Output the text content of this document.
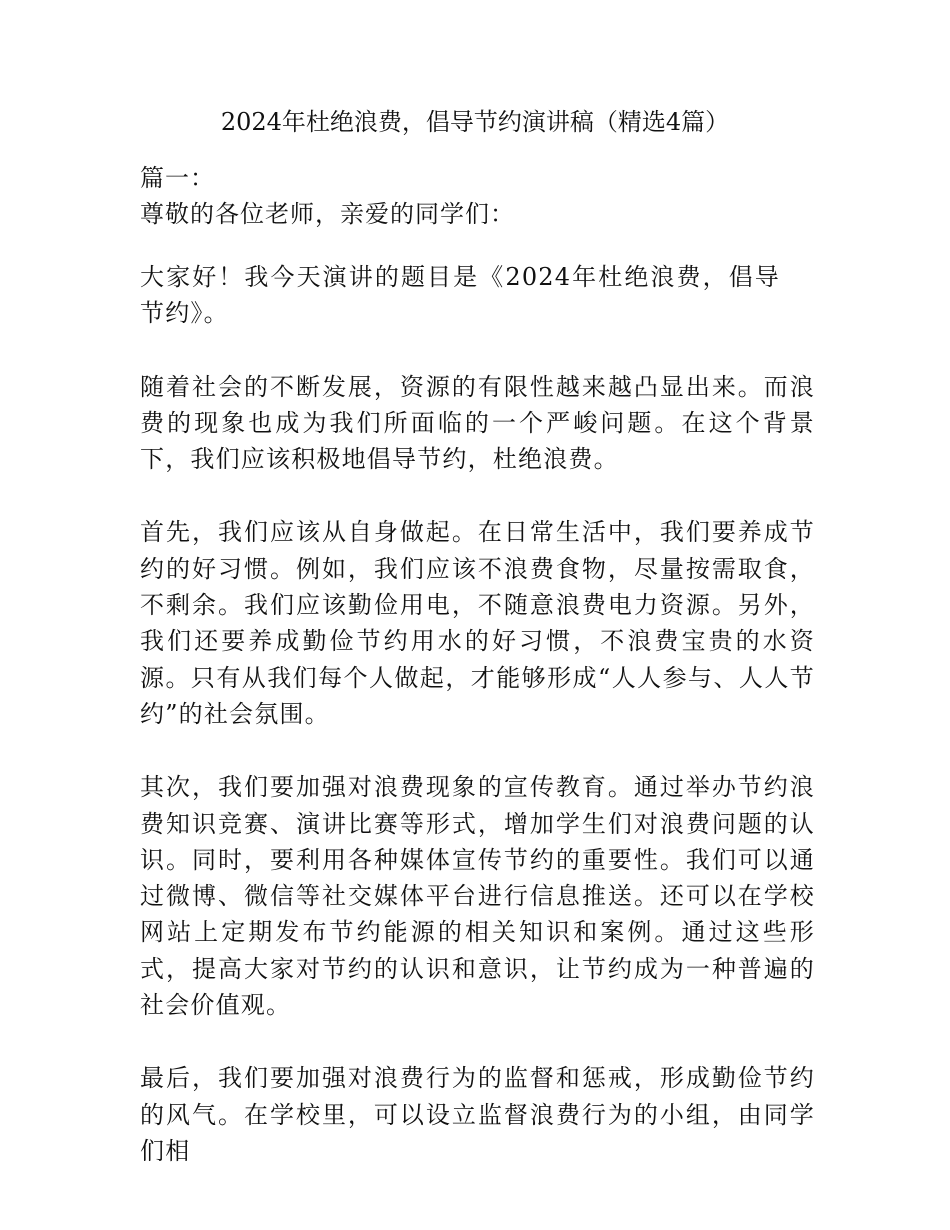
2024年杜绝浪费，倡导节约演讲稿（精选4篇）

篇一：

尊敬的各位老师，亲爱的同学们：

大家好！我今天演讲的题目是《2024年杜绝浪费，倡导节约》。

随着社会的不断发展，资源的有限性越来越凸显出来。而浪费的现象也成为我们所面临的一个严峻问题。在这个背景下，我们应该积极地倡导节约，杜绝浪费。

首先，我们应该从自身做起。在日常生活中，我们要养成节约的好习惯。例如，我们应该不浪费食物，尽量按需取食，不剩余。我们应该勤俭用电，不随意浪费电力资源。另外，我们还要养成勤俭节约用水的好习惯，不浪费宝贵的水资源。只有从我们每个人做起，才能够形成“人人参与、人人节约”的社会氛围。

其次，我们要加强对浪费现象的宣传教育。通过举办节约浪费知识竞赛、演讲比赛等形式，增加学生们对浪费问题的认识。同时，要利用各种媒体宣传节约的重要性。我们可以通过微博、微信等社交媒体平台进行信息推送。还可以在学校网站上定期发布节约能源的相关知识和案例。通过这些形式，提高大家对节约的认识和意识，让节约成为一种普遍的社会价值观。

最后，我们要加强对浪费行为的监督和惩戒，形成勤俭节约的风气。在学校里，可以设立监督浪费行为的小组，由同学们相
